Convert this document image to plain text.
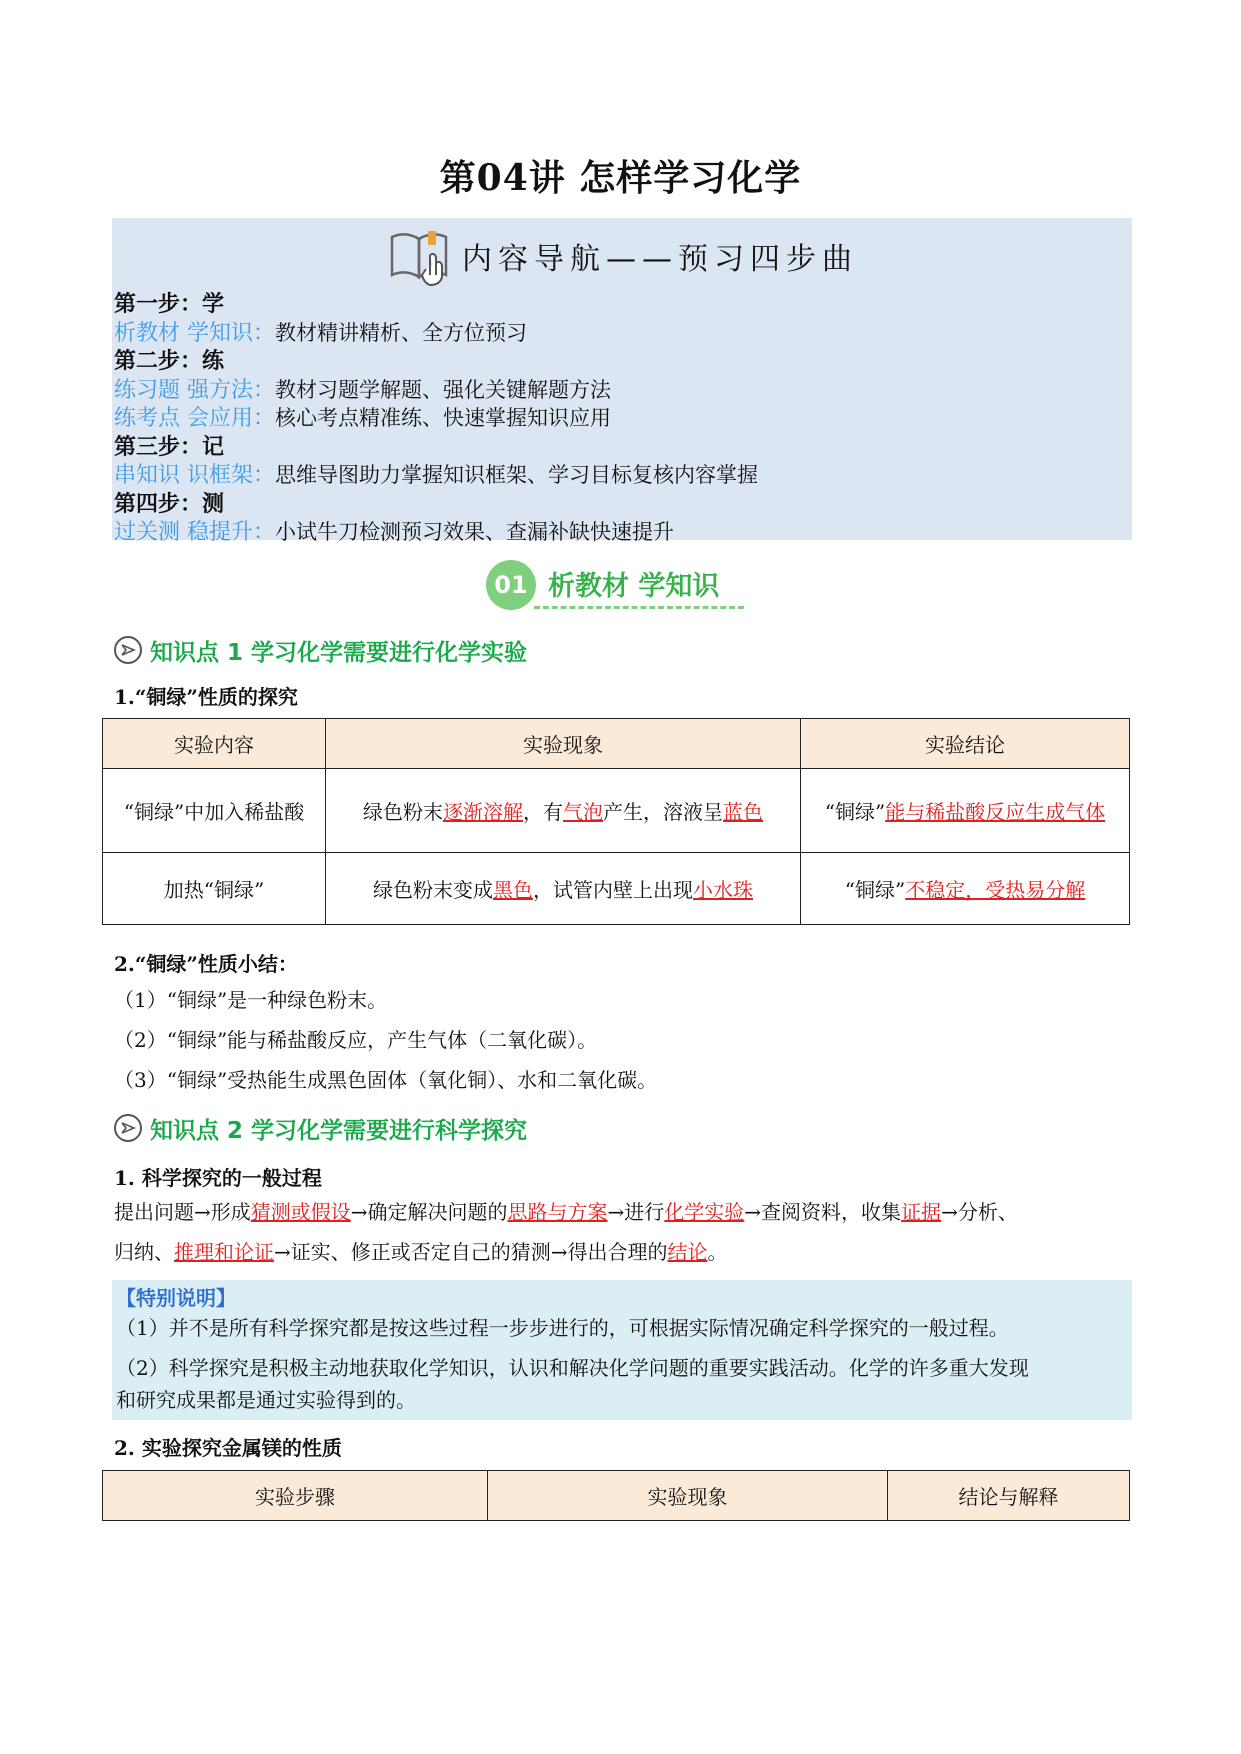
第04讲 怎样学习化学
内容导航——预习四步曲
第一步：学
析教材 学知识：教材精讲精析、全方位预习
第二步：练
练习题 强方法：教材习题学解题、强化关键解题方法
练考点 会应用：核心考点精准练、快速掌握知识应用
第三步：记
串知识 识框架：思维导图助力掌握知识框架、学习目标复核内容掌握
第四步：测
过关测 稳提升：小试牛刀检测预习效果、查漏补缺快速提升
01 析教材 学知识
知识点 1 学习化学需要进行化学实验
1.“铜绿”性质的探究
实验内容	实验现象	实验结论
“铜绿”中加入稀盐酸	绿色粉末逐渐溶解，有气泡产生，溶液呈蓝色	“铜绿”能与稀盐酸反应生成气体
加热“铜绿”	绿色粉末变成黑色，试管内壁上出现小水珠	“铜绿”不稳定，受热易分解
2.“铜绿”性质小结：
（1）“铜绿”是一种绿色粉末。
（2）“铜绿”能与稀盐酸反应，产生气体（二氧化碳）。
（3）“铜绿”受热能生成黑色固体（氧化铜）、水和二氧化碳。
知识点 2 学习化学需要进行科学探究
1. 科学探究的一般过程
提出问题→形成猜测或假设→确定解决问题的思路与方案→进行化学实验→查阅资料，收集证据→分析、
归纳、推理和论证→证实、修正或否定自己的猜测→得出合理的结论。
【特别说明】
（1）并不是所有科学探究都是按这些过程一步步进行的，可根据实际情况确定科学探究的一般过程。
（2）科学探究是积极主动地获取化学知识，认识和解决化学问题的重要实践活动。化学的许多重大发现
和研究成果都是通过实验得到的。
2. 实验探究金属镁的性质
实验步骤	实验现象	结论与解释
